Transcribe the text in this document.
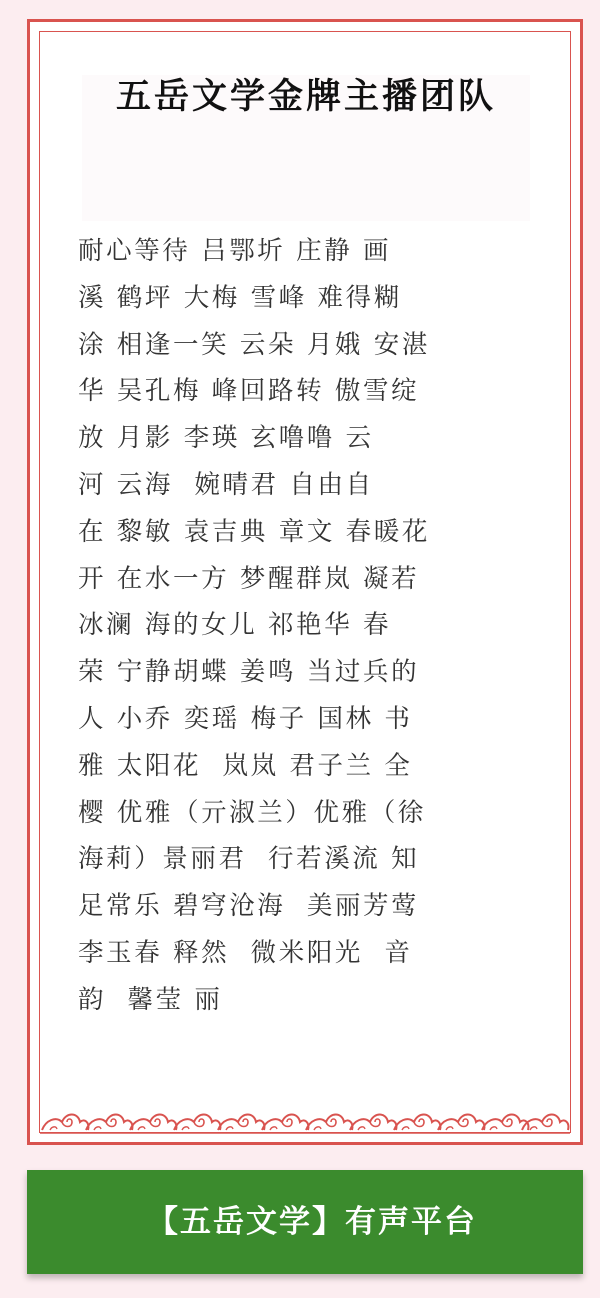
五岳文学金牌主播团队
耐心等待 吕鄂圻 庄静 画
溪 鹤坪 大梅 雪峰 难得糊
涂 相逢一笑 云朵 月娥 安湛
华 吴孔梅 峰回路转 傲雪绽
放 月影 李瑛 玄噜噜 云
河 云海  婉晴君 自由自
在 黎敏 袁吉典 章文 春暖花
开 在水一方 梦醒群岚 凝若
冰澜 海的女儿 祁艳华 春
荣 宁静胡蝶 姜鸣 当过兵的
人 小乔 奕瑶 梅子 国林 书
雅 太阳花  岚岚 君子兰 全
樱 优雅（亓淑兰）优雅（徐
海莉）景丽君  行若溪流 知
足常乐 碧穹沧海  美丽芳莺
李玉春 释然  微米阳光  音
韵  馨莹 丽
【五岳文学】有声平台
